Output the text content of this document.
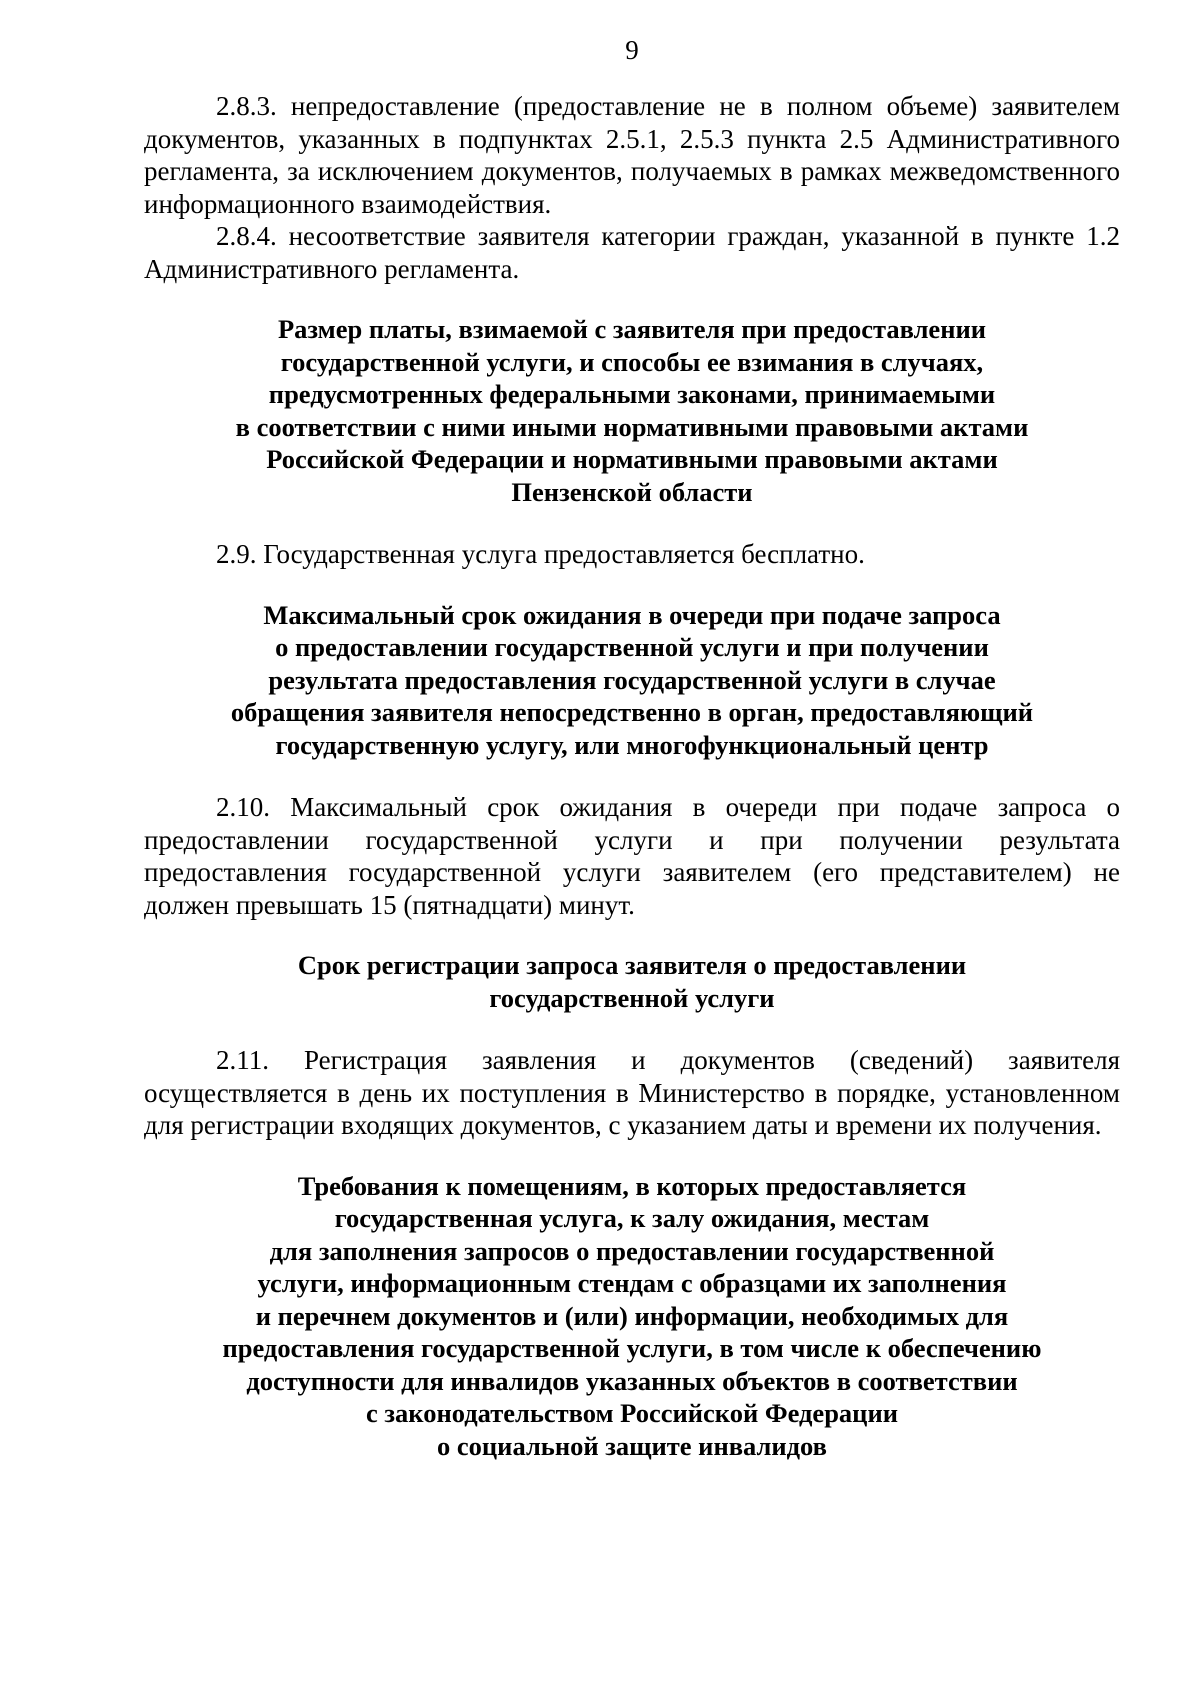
9

2.8.3. непредоставление (предоставление не в полном объеме) заявителем документов, указанных в подпунктах 2.5.1, 2.5.3 пункта 2.5 Административного регламента, за исключением документов, получаемых в рамках межведомственного информационного взаимодействия.

2.8.4. несоответствие заявителя категории граждан, указанной в пункте 1.2 Административного регламента.

Размер платы, взимаемой с заявителя при предоставлении
государственной услуги, и способы ее взимания в случаях,
предусмотренных федеральными законами, принимаемыми
в соответствии с ними иными нормативными правовыми актами
Российской Федерации и нормативными правовыми актами
Пензенской области

2.9. Государственная услуга предоставляется бесплатно.

Максимальный срок ожидания в очереди при подаче запроса
о предоставлении государственной услуги и при получении
результата предоставления государственной услуги в случае
обращения заявителя непосредственно в орган, предоставляющий
государственную услугу, или многофункциональный центр

2.10. Максимальный срок ожидания в очереди при подаче запроса о предоставлении государственной услуги и при получении результата предоставления государственной услуги заявителем (его представителем) не должен превышать 15 (пятнадцати) минут.

Срок регистрации запроса заявителя о предоставлении
государственной услуги

2.11. Регистрация заявления и документов (сведений) заявителя осуществляется в день их поступления в Министерство в порядке, установленном для регистрации входящих документов, с указанием даты и времени их получения.

Требования к помещениям, в которых предоставляется
государственная услуга, к залу ожидания, местам
для заполнения запросов о предоставлении государственной
услуги, информационным стендам с образцами их заполнения
и перечнем документов и (или) информации, необходимых для
предоставления государственной услуги, в том числе к обеспечению
доступности для инвалидов указанных объектов в соответствии
с законодательством Российской Федерации
о социальной защите инвалидов
